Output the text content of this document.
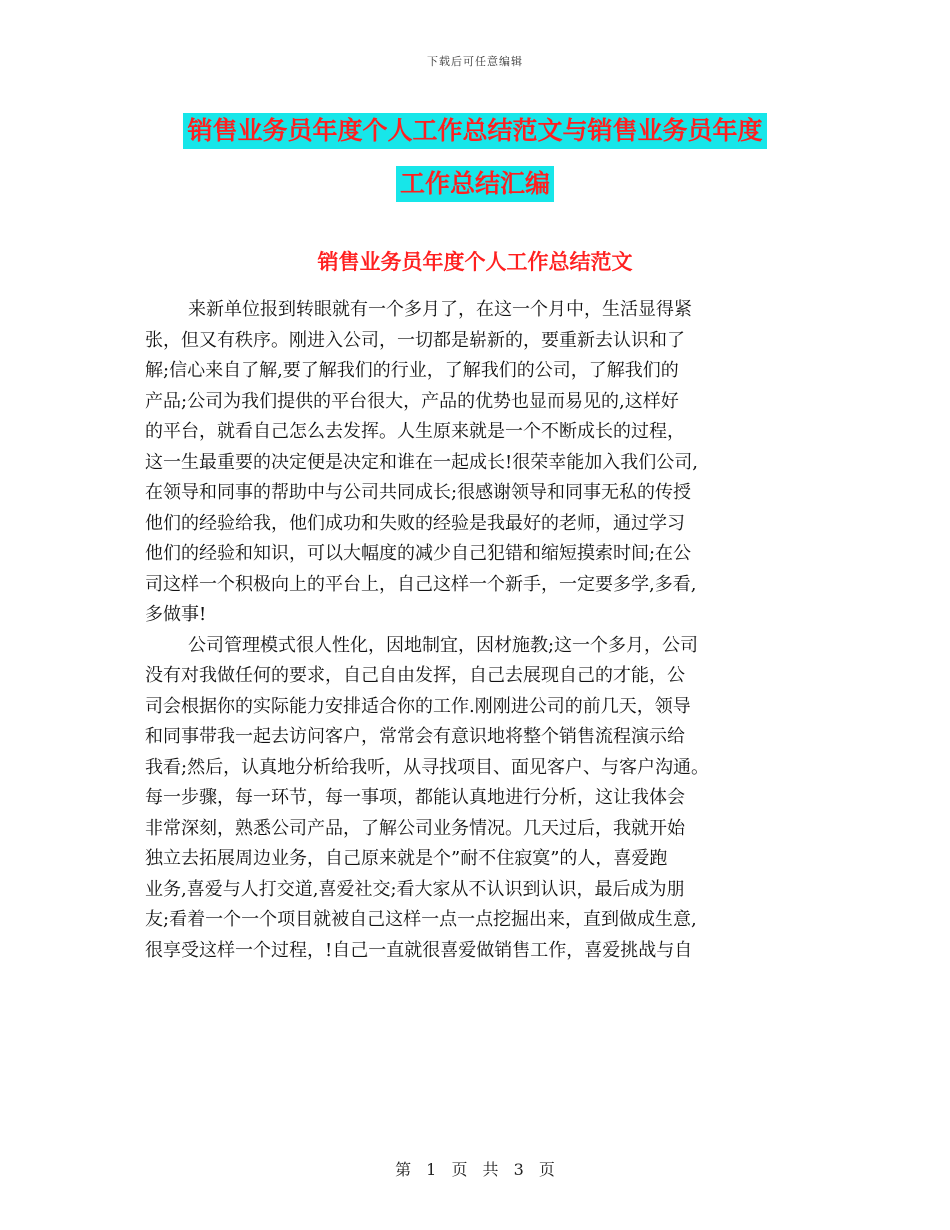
下载后可任意编辑
销售业务员年度个人工作总结范文与销售业务员年度
工作总结汇编
销售业务员年度个人工作总结范文
来新单位报到转眼就有一个多月了，在这一个月中，生活显得紧
张，但又有秩序。刚进入公司，一切都是崭新的，要重新去认识和了
解;信心来自了解,要了解我们的行业，了解我们的公司，了解我们的
产品;公司为我们提供的平台很大，产品的优势也显而易见的,这样好
的平台，就看自己怎么去发挥。人生原来就是一个不断成长的过程，
这一生最重要的决定便是决定和谁在一起成长!很荣幸能加入我们公司,
在领导和同事的帮助中与公司共同成长;很感谢领导和同事无私的传授
他们的经验给我，他们成功和失败的经验是我最好的老师，通过学习
他们的经验和知识，可以大幅度的减少自己犯错和缩短摸索时间;在公
司这样一个积极向上的平台上，自己这样一个新手，一定要多学,多看,
多做事!
公司管理模式很人性化，因地制宜，因材施教;这一个多月，公司
没有对我做任何的要求，自己自由发挥，自己去展现自己的才能，公
司会根据你的实际能力安排适合你的工作.刚刚进公司的前几天，领导
和同事带我一起去访问客户，常常会有意识地将整个销售流程演示给
我看;然后，认真地分析给我听，从寻找项目、面见客户、与客户沟通。
每一步骤，每一环节，每一事项，都能认真地进行分析，这让我体会
非常深刻，熟悉公司产品，了解公司业务情况。几天过后，我就开始
独立去拓展周边业务，自己原来就是个”耐不住寂寞”的人，喜爱跑
业务,喜爱与人打交道,喜爱社交;看大家从不认识到认识，最后成为朋
友;看着一个一个项目就被自己这样一点一点挖掘出来，直到做成生意,
很享受这样一个过程，!自己一直就很喜爱做销售工作，喜爱挑战与自
第 1 页 共 3 页
